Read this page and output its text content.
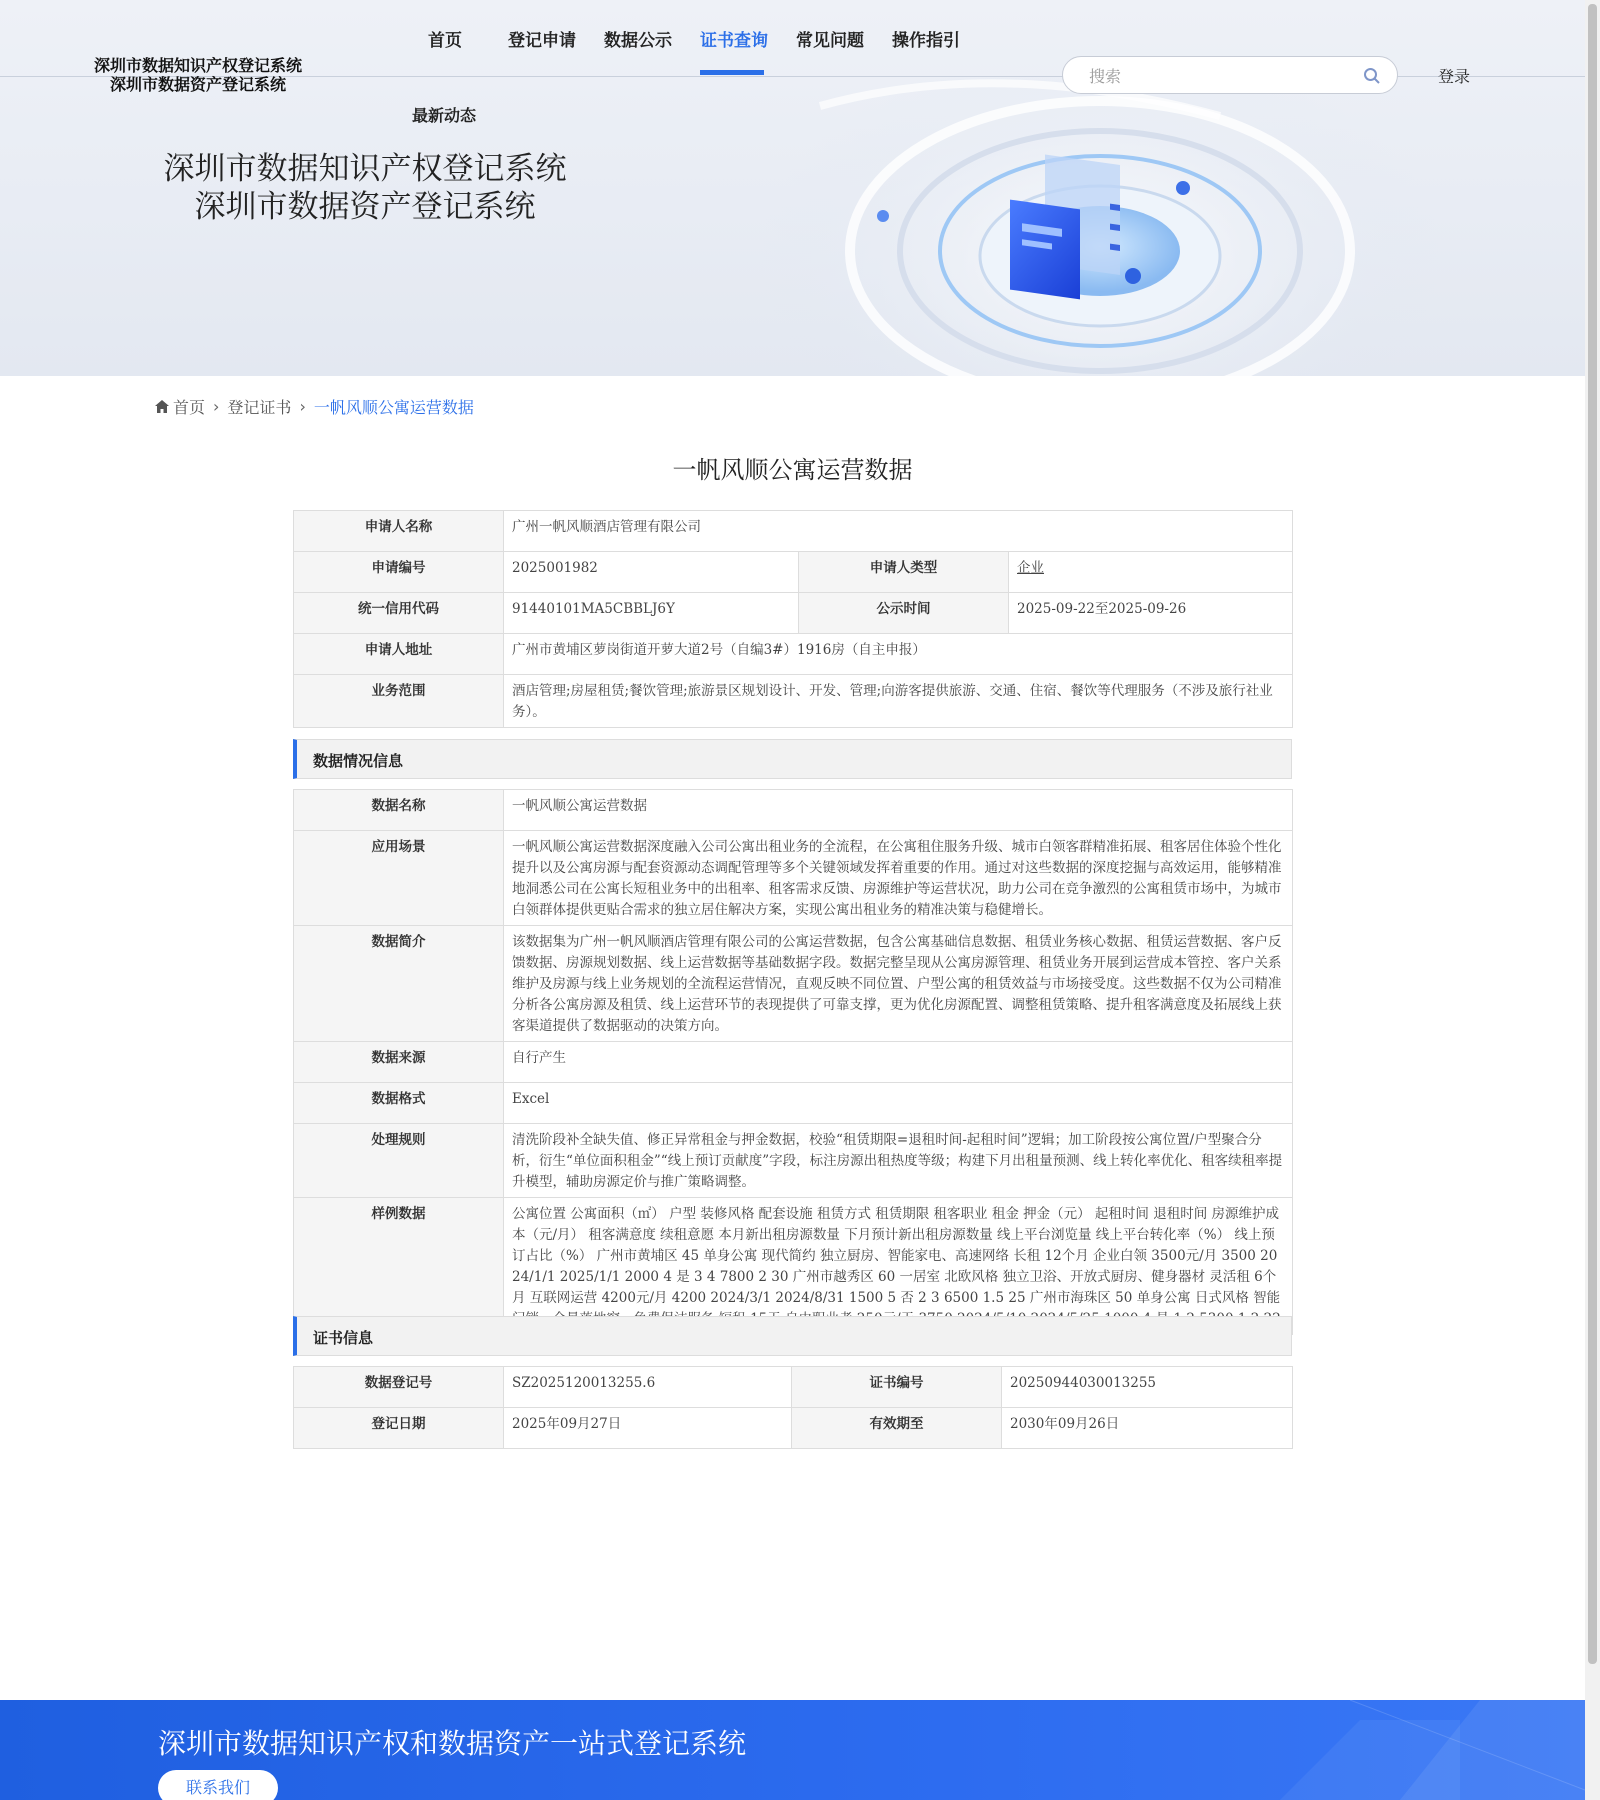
深圳市数据知识产权登记系统
深圳市数据资产登记系统
首页	登记申请 数据公示 证书查询 常见问题 操作指引
最新动态
搜索
登录
深圳市数据知识产权登记系统
深圳市数据资产登记系统
首页 › 登记证书 › 一帆风顺公寓运营数据
一帆风顺公寓运营数据
申请人名称	广州一帆风顺酒店管理有限公司		
申请编号	2025001982	申请人类型	企业
统一信用代码	91440101MA5CBBLJ6Y	公示时间	2025-09-22至2025-09-26
申请人地址	广州市黄埔区萝岗街道开萝大道2号（自编3#）1916房（自主申报）		
业务范围	酒店管理;房屋租赁;餐饮管理;旅游景区规划设计、开发、管理;向游客提供旅游、交通、住宿、餐饮等代理服务（不涉及旅行社业务）。		
数据情况信息
数据名称	一帆风顺公寓运营数据
应用场景	一帆风顺公寓运营数据深度融入公司公寓出租业务的全流程，在公寓租住服务升级、城市白领客群精准拓展、租客居住体验个性化提升以及公寓房源与配套资源动态调配管理等多个关键领域发挥着重要的作用。通过对这些数据的深度挖掘与高效运用，能够精准地洞悉公司在公寓长短租业务中的出租率、租客需求反馈、房源维护等运营状况，助力公司在竞争激烈的公寓租赁市场中，为城市白领群体提供更贴合需求的独立居住解决方案，实现公寓出租业务的精准决策与稳健增长。
数据简介	该数据集为广州一帆风顺酒店管理有限公司的公寓运营数据，包含公寓基础信息数据、租赁业务核心数据、租赁运营数据、客户反馈数据、房源规划数据、线上运营数据等基础数据字段。数据完整呈现从公寓房源管理、租赁业务开展到运营成本管控、客户关系维护及房源与线上业务规划的全流程运营情况，直观反映不同位置、户型公寓的租赁效益与市场接受度。这些数据不仅为公司精准分析各公寓房源及租赁、线上运营环节的表现提供了可靠支撑，更为优化房源配置、调整租赁策略、提升租客满意度及拓展线上获客渠道提供了数据驱动的决策方向。
数据来源	自行产生
数据格式	Excel
处理规则	清洗阶段补全缺失值、修正异常租金与押金数据，校验“租赁期限=退租时间-起租时间”逻辑；加工阶段按公寓位置/户型聚合分析，衍生“单位面积租金”“线上预订贡献度”字段，标注房源出租热度等级；构建下月出租量预测、线上转化率优化、租客续租率提升模型，辅助房源定价与推广策略调整。
样例数据	公寓位置 公寓面积（㎡） 户型 装修风格 配套设施 租赁方式 租赁期限 租客职业 租金 押金（元） 起租时间 退租时间 房源维护成本（元/月） 租客满意度 续租意愿 本月新出租房源数量 下月预计新出租房源数量 线上平台浏览量 线上平台转化率（%） 线上预订占比（%） 广州市黄埔区 45 单身公寓 现代简约 独立厨房、智能家电、高速网络 长租 12个月 企业白领 3500元/月 3500 2024/1/1 2025/1/1 2000 4 是 3 4 7800 2 30 广州市越秀区 60 一居室 北欧风格 独立卫浴、开放式厨房、健身器材 灵活租 6个月 互联网运营 4200元/月 4200 2024/3/1 2024/8/31 1500 5 否 2 3 6500 1.5 25 广州市海珠区 50 单身公寓 日式风格 智能
证书信息
数据登记号	SZ2025120013255.6	证书编号	20250944030013255
登记日期	2025年09月27日	有效期至	2030年09月26日
深圳市数据知识产权和数据资产一站式登记系统
联系我们
